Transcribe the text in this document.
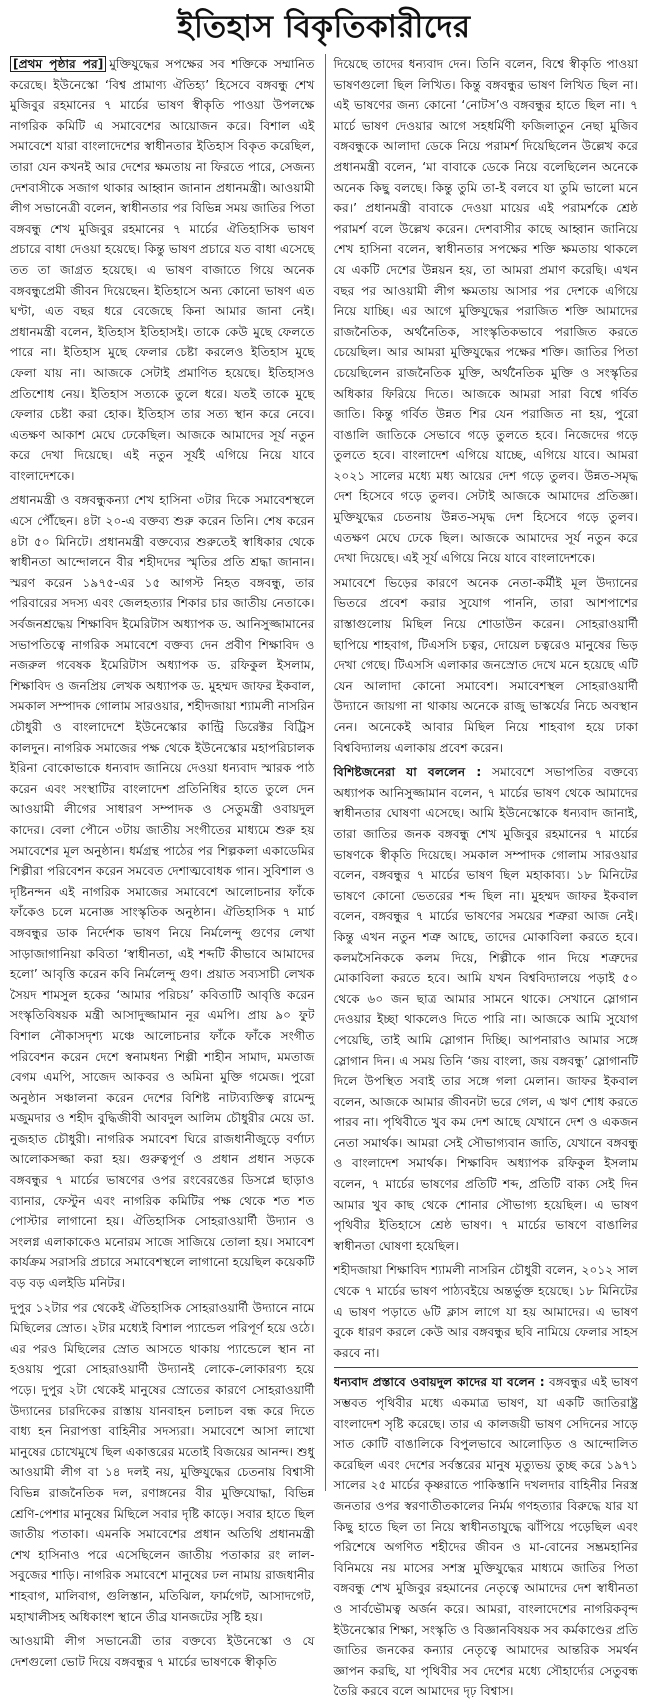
ইতিহাস বিকৃতিকারীদের

[প্রথম পৃষ্ঠার পর] মুক্তিযুদ্ধের সপক্ষের সব শক্তিকে সম্মানিত করেছে। ইউনেস্কো ‘বিশ্ব প্রামাণ্য ঐতিহ্য’ হিসেবে বঙ্গবন্ধু শেখ মুজিবুর রহমানের ৭ মার্চের ভাষণ স্বীকৃতি পাওয়া উপলক্ষে নাগরিক কমিটি এ সমাবেশের আয়োজন করে। বিশাল এই সমাবেশে যারা বাংলাদেশের স্বাধীনতার ইতিহাস বিকৃত করেছিল, তারা যেন কখনই আর দেশের ক্ষমতায় না ফিরতে পারে, সেজন্য দেশবাসীকে সজাগ থাকার আহ্বান জানান প্রধানমন্ত্রী। আওয়ামী লীগ সভানেত্রী বলেন, স্বাধীনতার পর বিভিন্ন সময় জাতির পিতা বঙ্গবন্ধু শেখ মুজিবুর রহমানের ৭ মার্চের ঐতিহাসিক ভাষণ প্রচারে বাধা দেওয়া হয়েছে। কিন্তু ভাষণ প্রচারে যত বাধা এসেছে তত তা জাগ্রত হয়েছে। এ ভাষণ বাজাতে গিয়ে অনেক বঙ্গবন্ধুপ্রেমী জীবন দিয়েছেন। ইতিহাসে অন্য কোনো ভাষণ এত ঘণ্টা, এত বছর ধরে বেজেছে কিনা আমার জানা নেই। প্রধানমন্ত্রী বলেন, ইতিহাস ইতিহাসই। তাকে কেউ মুছে ফেলতে পারে না। ইতিহাস মুছে ফেলার চেষ্টা করলেও ইতিহাস মুছে ফেলা যায় না। আজকে সেটাই প্রমাণিত হয়েছে। ইতিহাসও প্রতিশোধ নেয়। ইতিহাস সত্যকে তুলে ধরে। যতই তাকে মুছে ফেলার চেষ্টা করা হোক। ইতিহাস তার সত্য স্থান করে নেবে। এতক্ষণ আকাশ মেঘে ঢেকেছিল। আজকে আমাদের সূর্য নতুন করে দেখা দিয়েছে। এই নতুন সূর্যই এগিয়ে নিয়ে যাবে বাংলাদেশকে।

প্রধানমন্ত্রী ও বঙ্গবন্ধুকন্যা শেখ হাসিনা ৩টার দিকে সমাবেশস্থলে এসে পৌঁছেন। ৪টা ২০-এ বক্তব্য শুরু করেন তিনি। শেষ করেন ৪টা ৫০ মিনিটে। প্রধানমন্ত্রী বক্তব্যের শুরুতেই স্বাধিকার থেকে স্বাধীনতা আন্দোলনে বীর শহীদদের স্মৃতির প্রতি শ্রদ্ধা জানান। স্মরণ করেন ১৯৭৫-এর ১৫ আগস্ট নিহত বঙ্গবন্ধু, তার পরিবারের সদস্য এবং জেলহত্যার শিকার চার জাতীয় নেতাকে। সর্বজনশ্রদ্ধেয় শিক্ষাবিদ ইমেরিটাস অধ্যাপক ড. আনিসুজ্জামানের সভাপতিত্বে নাগরিক সমাবেশে বক্তব্য দেন প্রবীণ শিক্ষাবিদ ও নজরুল গবেষক ইমেরিটাস অধ্যাপক ড. রফিকুল ইসলাম, শিক্ষাবিদ ও জনপ্রিয় লেখক অধ্যাপক ড. মুহম্মদ জাফর ইকবাল, সমকাল সম্পাদক গোলাম সারওয়ার, শহীদজায়া শ্যামলী নাসরিন চৌধুরী ও বাংলাদেশে ইউনেস্কোর কান্ট্রি ডিরেক্টর বিট্রিস কালদুন। নাগরিক সমাজের পক্ষ থেকে ইউনেস্কোর মহাপরিচালক ইরিনা বোকোভাকে ধন্যবাদ জানিয়ে দেওয়া ধন্যবাদ স্মারক পাঠ করেন এবং সংস্থাটির বাংলাদেশ প্রতিনিধির হাতে তুলে দেন আওয়ামী লীগের সাধারণ সম্পাদক ও সেতুমন্ত্রী ওবায়দুল কাদের। বেলা পৌনে ৩টায় জাতীয় সংগীতের মাধ্যমে শুরু হয় সমাবেশের মূল অনুষ্ঠান। ধর্মগ্রন্থ পাঠের পর শিল্পকলা একাডেমির শিল্পীরা পরিবেশন করেন সমবেত দেশাত্মবোধক গান। সুবিশাল ও দৃষ্টিনন্দন এই নাগরিক সমাজের সমাবেশে আলোচনার ফাঁকে ফাঁকেও চলে মনোজ্ঞ সাংস্কৃতিক অনুষ্ঠান। ঐতিহাসিক ৭ মার্চ বঙ্গবন্ধুর ডাক নির্দেশক ভাষণ নিয়ে নির্মলেন্দু গুণের লেখা সাড়াজাগানিয়া কবিতা ‘স্বাধীনতা, এই শব্দটি কীভাবে আমাদের হলো’ আবৃত্তি করেন কবি নির্মলেন্দু গুণ। প্রয়াত সব্যসাচী লেখক সৈয়দ শামসুল হকের ‘আমার পরিচয়’ কবিতাটি আবৃত্তি করেন সংস্কৃতিবিষয়ক মন্ত্রী আসাদুজ্জামান নূর এমপি। প্রায় ৯০ ফুট বিশাল নৌকাসদৃশ্য মঞ্চে আলোচনার ফাঁকে ফাঁকে সংগীত পরিবেশন করেন দেশে স্বনামধন্য শিল্পী শাহীন সামাদ, মমতাজ বেগম এমপি, সাজেদ আকবর ও অমিনা মুক্তি গমেজ। পুরো অনুষ্ঠান সঞ্চালনা করেন দেশের বিশিষ্ট নাট্যব্যক্তিত্ব রামেন্দু মজুমদার ও শহীদ বুদ্ধিজীবী আবদুল আলিম চৌধুরীর মেয়ে ডা. নুজহাত চৌধুরী। নাগরিক সমাবেশ ঘিরে রাজধানীজুড়ে বর্ণাঢ্য আলোকসজ্জা করা হয়। গুরুত্বপূর্ণ ও প্রধান প্রধান সড়কে বঙ্গবন্ধুর ৭ মার্চের ভাষণের ওপর রংবেরঙের ডিসপ্লে ছাড়াও ব্যানার, ফেস্টুন এবং নাগরিক কমিটির পক্ষ থেকে শত শত পোস্টার লাগানো হয়। ঐতিহাসিক সোহরাওয়ার্দী উদ্যান ও সংলগ্ন এলাকাকেও মনোরম সাজে সাজিয়ে তোলা হয়। সমাবেশ কার্যক্রম সরাসরি প্রচারে সমাবেশস্থলে লাগানো হয়েছিল কয়েকটি বড় বড় এলইডি মনিটর।

দুপুর ১২টার পর থেকেই ঐতিহাসিক সোহরাওয়ার্দী উদ্যানে নামে মিছিলের স্রোত। ২টার মধ্যেই বিশাল প্যান্ডেল পরিপূর্ণ হয়ে ওঠে। এর পরও মিছিলের স্রোত আসতে থাকায় প্যান্ডেলে স্থান না হওয়ায় পুরো সোহরাওয়ার্দী উদ্যানই লোকে-লোকারণ্য হয়ে পড়ে। দুপুর ২টা থেকেই মানুষের স্রোতের কারণে সোহরাওয়ার্দী উদ্যানের চারদিকের রাস্তায় যানবাহন চলাচল বন্ধ করে দিতে বাধ্য হন নিরাপত্তা বাহিনীর সদস্যরা। সমাবেশে আসা লাখো মানুষের চোখেমুখে ছিল একাত্তরের মতোই বিজয়ের আনন্দ। শুধু আওয়ামী লীগ বা ১৪ দলই নয়, মুক্তিযুদ্ধের চেতনায় বিশ্বাসী বিভিন্ন রাজনৈতিক দল, রণাঙ্গনের বীর মুক্তিযোদ্ধা, বিভিন্ন শ্রেণি-পেশার মানুষের মিছিলে সবার দৃষ্টি কাড়ে। সবার হাতে ছিল জাতীয় পতাকা। এমনকি সমাবেশের প্রধান অতিথি প্রধানমন্ত্রী শেখ হাসিনাও পরে এসেছিলেন জাতীয় পতাকার রং লাল-সবুজের শাড়ি। নাগরিক সমাবেশে মানুষের ঢল নামায় রাজধানীর শাহবাগ, মালিবাগ, গুলিস্তান, মতিঝিল, ফার্মগেট, আসাদগেট, মহাখালীসহ অধিকাংশ স্থানে তীব্র যানজটের সৃষ্টি হয়।

আওয়ামী লীগ সভানেত্রী তার বক্তব্যে ইউনেস্কো ও যে দেশগুলো ভোট দিয়ে বঙ্গবন্ধুর ৭ মার্চের ভাষণকে স্বীকৃতি

দিয়েছে তাদের ধন্যবাদ দেন। তিনি বলেন, বিশ্বে স্বীকৃতি পাওয়া ভাষণগুলো ছিল লিখিত। কিন্তু বঙ্গবন্ধুর ভাষণ লিখিত ছিল না। এই ভাষণের জন্য কোনো ‘নোটস’ও বঙ্গবন্ধুর হাতে ছিল না। ৭ মার্চে ভাষণ দেওয়ার আগে সহধর্মিণী ফজিলাতুন নেছা মুজিব বঙ্গবন্ধুকে আলাদা ডেকে নিয়ে পরামর্শ দিয়েছিলেন উল্লেখ করে প্রধানমন্ত্রী বলেন, ‘মা বাবাকে ডেকে নিয়ে বলেছিলেন অনেকে অনেক কিছু বলছে। কিন্তু তুমি তা-ই বলবে যা তুমি ভালো মনে কর।’ প্রধানমন্ত্রী বাবাকে দেওয়া মায়ের এই পরামর্শকে শ্রেষ্ঠ পরামর্শ বলে উল্লেখ করেন। দেশবাসীর কাছে আহ্বান জানিয়ে শেখ হাসিনা বলেন, স্বাধীনতার সপক্ষের শক্তি ক্ষমতায় থাকলে যে একটি দেশের উন্নয়ন হয়, তা আমরা প্রমাণ করেছি। এখন বছর পর আওয়ামী লীগ ক্ষমতায় আসার পর দেশকে এগিয়ে নিয়ে যাচ্ছি। এর আগে মুক্তিযুদ্ধের পরাজিত শক্তি আমাদের রাজনৈতিক, অর্থনৈতিক, সাংস্কৃতিকভাবে পরাজিত করতে চেয়েছিল। আর আমরা মুক্তিযুদ্ধের পক্ষের শক্তি। জাতির পিতা চেয়েছিলেন রাজনৈতিক মুক্তি, অর্থনৈতিক মুক্তি ও সংস্কৃতির অধিকার ফিরিয়ে দিতে। আজকে আমরা সারা বিশ্বে গর্বিত জাতি। কিন্তু গর্বিত উন্নত শির যেন পরাজিত না হয়, পুরো বাঙালি জাতিকে সেভাবে গড়ে তুলতে হবে। নিজেদের গড়ে তুলতে হবে। বাংলাদেশ এগিয়ে যাচ্ছে, এগিয়ে যাবে। আমরা ২০২১ সালের মধ্যে মধ্য আয়ের দেশ গড়ে তুলব। উন্নত-সমৃদ্ধ দেশ হিসেবে গড়ে তুলব। সেটাই আজকে আমাদের প্রতিজ্ঞা। মুক্তিযুদ্ধের চেতনায় উন্নত-সমৃদ্ধ দেশ হিসেবে গড়ে তুলব। এতক্ষণ মেঘে ঢেকে ছিল। আজকে আমাদের সূর্য নতুন করে দেখা দিয়েছে। এই সূর্য এগিয়ে নিয়ে যাবে বাংলাদেশকে।

সমাবেশে ভিড়ের কারণে অনেক নেতা-কর্মীই মূল উদ্যানের ভিতরে প্রবেশ করার সুযোগ পাননি, তারা আশপাশের রাস্তাগুলোয় মিছিল নিয়ে শোডাউন করেন। সোহরাওয়ার্দী ছাপিয়ে শাহবাগ, টিএসসি চত্বর, দোয়েল চত্বরেও মানুষের ভিড় দেখা গেছে। টিএসসি এলাকার জনস্রোত দেখে মনে হয়েছে এটি যেন আলাদা কোনো সমাবেশ। সমাবেশস্থল সোহরাওয়ার্দী উদ্যানে জায়গা না থাকায় অনেকে রাজু ভাস্কর্যের নিচে অবস্থান নেন। অনেকেই আবার মিছিল নিয়ে শাহবাগ হয়ে ঢাকা বিশ্ববিদ্যালয় এলাকায় প্রবেশ করেন।

বিশিষ্টজনেরা যা বললেন : সমাবেশে সভাপতির বক্তব্যে অধ্যাপক আনিসুজ্জামান বলেন, ৭ মার্চের ভাষণ থেকে আমাদের স্বাধীনতার ঘোষণা এসেছে। আমি ইউনেস্কোকে ধন্যবাদ জানাই, তারা জাতির জনক বঙ্গবন্ধু শেখ মুজিবুর রহমানের ৭ মার্চের ভাষণকে স্বীকৃতি দিয়েছে। সমকাল সম্পাদক গোলাম সারওয়ার বলেন, বঙ্গবন্ধুর ৭ মার্চের ভাষণ ছিল মহাকাব্য। ১৮ মিনিটের ভাষণে কোনো ভেতরের শব্দ ছিল না। মুহম্মদ জাফর ইকবাল বলেন, বঙ্গবন্ধুর ৭ মার্চের ভাষণের সময়ের শত্রুরা আজ নেই। কিন্তু এখন নতুন শত্রু আছে, তাদের মোকাবিলা করতে হবে। কলমসৈনিককে কলম দিয়ে, শিল্পীকে গান দিয়ে শত্রুদের মোকাবিলা করতে হবে। আমি যখন বিশ্ববিদ্যালয়ে পড়াই ৫০ থেকে ৬০ জন ছাত্র আমার সামনে থাকে। সেখানে স্লোগান দেওয়ার ইচ্ছা থাকলেও দিতে পারি না। আজকে আমি সুযোগ পেয়েছি, তাই আমি স্লোগান দিচ্ছি। আপনারাও আমার সঙ্গে স্লোগান দিন। এ সময় তিনি ‘জয় বাংলা, জয় বঙ্গবন্ধু’ স্লোগানটি দিলে উপস্থিত সবাই তার সঙ্গে গলা মেলান। জাফর ইকবাল বলেন, আজকে আমার জীবনটা ভরে গেল, এ ঋণ শোধ করতে পারব না। পৃথিবীতে খুব কম দেশ আছে যেখানে দেশ ও একজন নেতা সমার্থক। আমরা সেই সৌভাগ্যবান জাতি, যেখানে বঙ্গবন্ধু ও বাংলাদেশ সমার্থক। শিক্ষাবিদ অধ্যাপক রফিকুল ইসলাম বলেন, ৭ মার্চের ভাষণের প্রতিটি শব্দ, প্রতিটি বাক্য সেই দিন আমার খুব কাছ থেকে শোনার সৌভাগ্য হয়েছিল। এ ভাষণ পৃথিবীর ইতিহাসে শ্রেষ্ঠ ভাষণ। ৭ মার্চের ভাষণে বাঙালির স্বাধীনতা ঘোষণা হয়েছিল।

শহীদজায়া শিক্ষাবিদ শ্যামলী নাসরিন চৌধুরী বলেন, ২০১২ সাল থেকে ৭ মার্চের ভাষণ পাঠ্যবইয়ে অন্তর্ভুক্ত হয়েছে। ১৮ মিনিটের এ ভাষণ পড়াতে ৬টি ক্লাস লাগে যা হয় আমাদের। এ ভাষণ বুকে ধারণ করলে কেউ আর বঙ্গবন্ধুর ছবি নামিয়ে ফেলার সাহস করবে না।

ধন্যবাদ প্রস্তাবে ওবায়দুল কাদের যা বলেন : বঙ্গবন্ধুর এই ভাষণ সম্ভবত পৃথিবীর মধ্যে একমাত্র ভাষণ, যা একটি জাতিরাষ্ট্র বাংলাদেশ সৃষ্টি করেছে। তার এ কালজয়ী ভাষণ সেদিনের সাড়ে সাত কোটি বাঙালিকে বিপুলভাবে আলোড়িত ও আন্দোলিত করেছিল এবং দেশের সর্বস্তরের মানুষ মৃত্যুভয় তুচ্ছ করে ১৯৭১ সালের ২৫ মার্চের কৃষ্ণরাতে পাকিস্তানি দখলদার বাহিনীর নিরস্ত্র জনতার ওপর স্বরণাতীতকালের নির্মম গণহত্যার বিরুদ্ধে যার যা কিছু হাতে ছিল তা নিয়ে স্বাধীনতাযুদ্ধে ঝাঁপিয়ে পড়েছিল এবং পরিশেষে অগণিত শহীদের জীবন ও মা-বোনের সম্ভ্রমহানির বিনিময়ে নয় মাসের সশস্ত্র মুক্তিযুদ্ধের মাধ্যমে জাতির পিতা বঙ্গবন্ধু শেখ মুজিবুর রহমানের নেতৃত্বে আমাদের দেশ স্বাধীনতা ও সার্বভৌমত্ব অর্জন করে। আমরা, বাংলাদেশের নাগরিকবৃন্দ ইউনেস্কোর শিক্ষা, সংস্কৃতি ও বিজ্ঞানবিষয়ক সব কর্মকাণ্ডের প্রতি জাতির জনকের কন্যার নেতৃত্বে আমাদের আন্তরিক সমর্থন জ্ঞাপন করছি, যা পৃথিবীর সব দেশের মধ্যে সৌহার্দ্যের সেতুবন্ধ তৈরি করবে বলে আমাদের দৃঢ় বিশ্বাস।
